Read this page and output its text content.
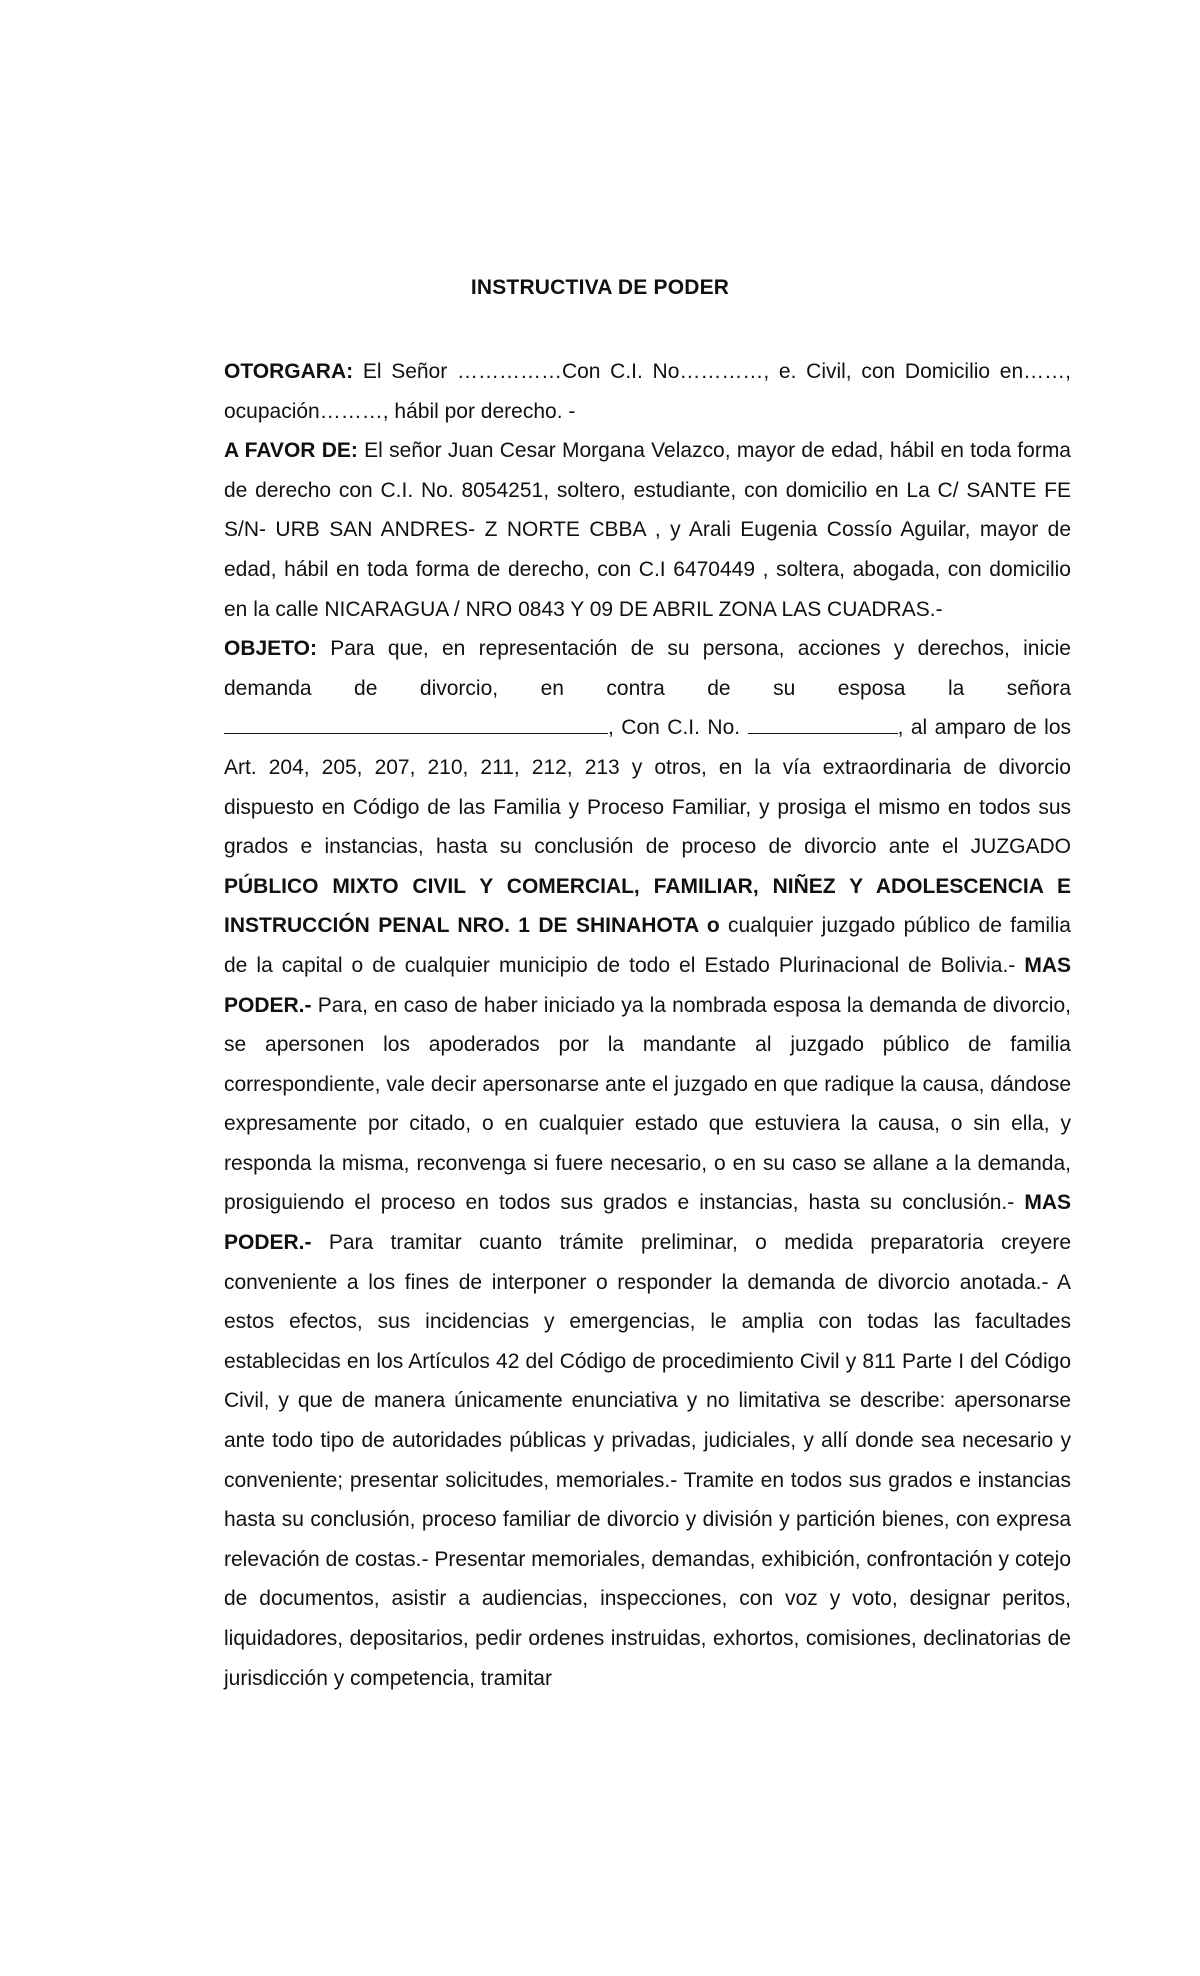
INSTRUCTIVA DE PODER

OTORGARA: El Señor ……………Con C.I. No…………, e. Civil, con Domicilio en……, ocupación………, hábil por derecho. -

A FAVOR DE: El señor Juan Cesar Morgana Velazco, mayor de edad, hábil en toda forma de derecho con C.I. No. 8054251, soltero, estudiante, con domicilio en La C/ SANTE FE S/N- URB SAN ANDRES- Z NORTE CBBA , y Arali Eugenia Cossío Aguilar, mayor de edad, hábil en toda forma de derecho, con C.I 6470449 , soltera, abogada, con domicilio en la calle NICARAGUA / NRO 0843 Y 09 DE ABRIL ZONA LAS CUADRAS.-

OBJETO: Para que, en representación de su persona, acciones y derechos, inicie demanda de divorcio, en contra de su esposa la señora, Con C.I. No.	, al amparo de los Art. 204, 205, 207, 210, 211, 212, 213 y otros, en la vía extraordinaria de divorcio dispuesto en Código de las Familia y Proceso Familiar, y prosiga el mismo en todos sus grados e instancias, hasta su conclusión de proceso de divorcio ante el JUZGADO PÚBLICO MIXTO CIVIL Y COMERCIAL, FAMILIAR, NIÑEZ Y ADOLESCENCIA E INSTRUCCIÓN PENAL NRO. 1 DE SHINAHOTA o cualquier juzgado público de familia de la capital o de cualquier municipio de todo el Estado Plurinacional de Bolivia.- MAS PODER.- Para, en caso de haber iniciado ya la nombrada esposa la demanda de divorcio, se apersonen los apoderados por la mandante al juzgado público de familia correspondiente, vale decir apersonarse ante el juzgado en que radique la causa, dándose expresamente por citado, o en cualquier estado que estuviera la causa, o sin ella, y responda la misma, reconvenga si fuere necesario, o en su caso se allane a la demanda, prosiguiendo el proceso en todos sus grados e instancias, hasta su conclusión.- MAS PODER.- Para tramitar cuanto trámite preliminar, o medida preparatoria creyere conveniente a los fines de interponer o responder la demanda de divorcio anotada.- A estos efectos, sus incidencias y emergencias, le amplia con todas las facultades establecidas en los Artículos 42 del Código de procedimiento Civil y 811 Parte I del Código Civil, y que de manera únicamente enunciativa y no limitativa se describe: apersonarse ante todo tipo de autoridades públicas y privadas, judiciales, y allí donde sea necesario y conveniente; presentar solicitudes, memoriales.- Tramite en todos sus grados e instancias hasta su conclusión, proceso familiar de divorcio y división y partición bienes, con expresa relevación de costas.- Presentar memoriales, demandas, exhibición, confrontación y cotejo de documentos, asistir a audiencias, inspecciones, con voz y voto, designar peritos, liquidadores, depositarios, pedir ordenes instruidas, exhortos, comisiones, declinatorias de jurisdicción y competencia, tramitar
